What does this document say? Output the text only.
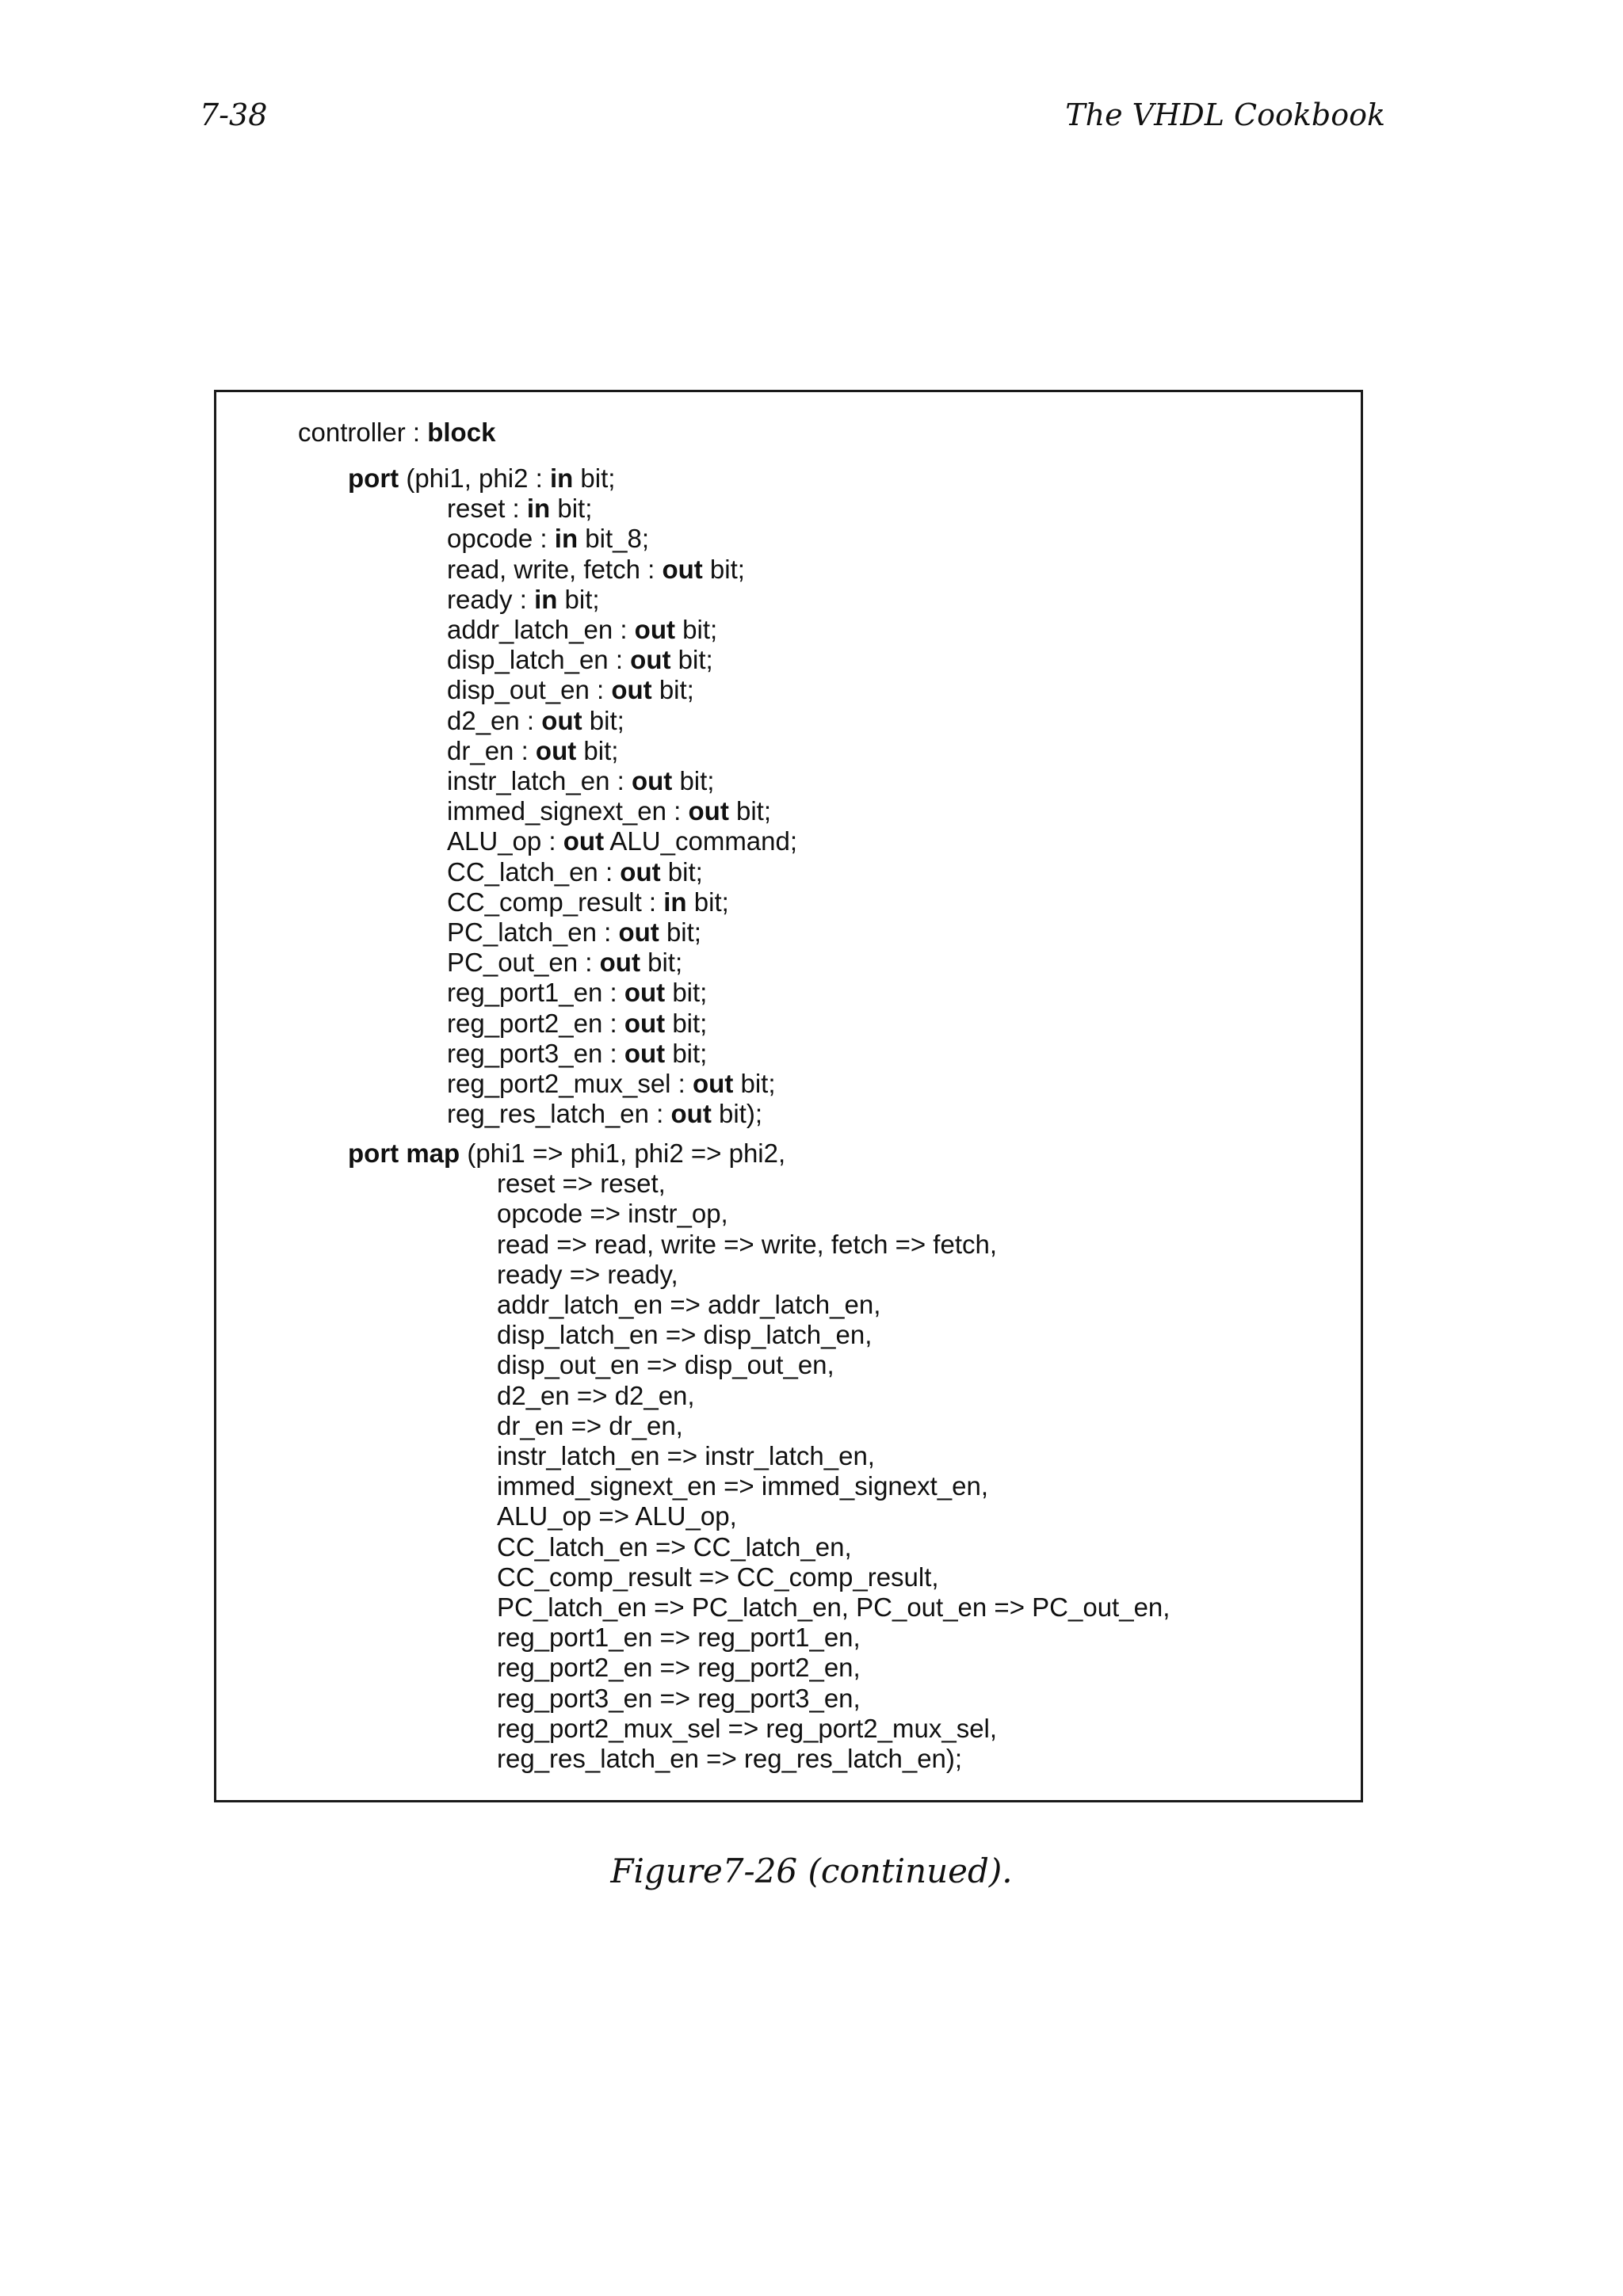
7-38	The VHDL Cookbook
controller : block
port (phi1, phi2 : in bit;
reset : in bit;
opcode : in bit_8;
read, write, fetch : out bit;
ready : in bit;
addr_latch_en : out bit;
disp_latch_en : out bit;
disp_out_en : out bit;
d2_en : out bit;
dr_en : out bit;
instr_latch_en : out bit;
immed_signext_en : out bit;
ALU_op : out ALU_command;
CC_latch_en : out bit;
CC_comp_result : in bit;
PC_latch_en : out bit;
PC_out_en : out bit;
reg_port1_en : out bit;
reg_port2_en : out bit;
reg_port3_en : out bit;
reg_port2_mux_sel : out bit;
reg_res_latch_en : out bit);
port map (phi1 => phi1, phi2 => phi2,
reset => reset,
opcode => instr_op,
read => read, write => write, fetch => fetch,
ready => ready,
addr_latch_en => addr_latch_en,
disp_latch_en => disp_latch_en,
disp_out_en => disp_out_en,
d2_en => d2_en,
dr_en => dr_en,
instr_latch_en => instr_latch_en,
immed_signext_en => immed_signext_en,
ALU_op => ALU_op,
CC_latch_en => CC_latch_en,
CC_comp_result => CC_comp_result,
PC_latch_en => PC_latch_en, PC_out_en => PC_out_en,
reg_port1_en => reg_port1_en,
reg_port2_en => reg_port2_en,
reg_port3_en => reg_port3_en,
reg_port2_mux_sel => reg_port2_mux_sel,
reg_res_latch_en => reg_res_latch_en);
Figure7-26 (continued).
